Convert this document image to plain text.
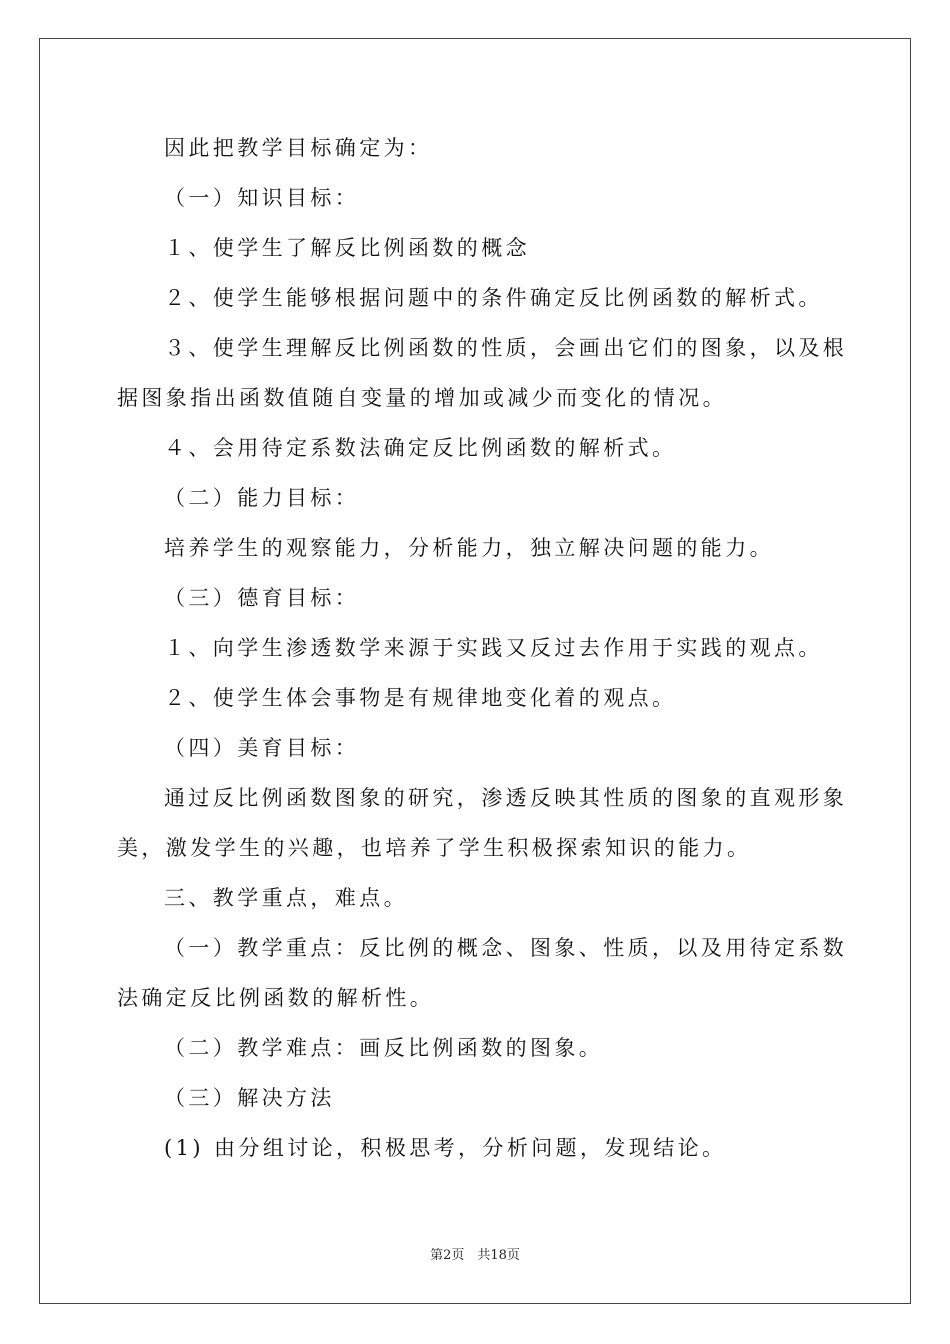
因此把教学目标确定为：
（一）知识目标：
１、使学生了解反比例函数的概念
２、使学生能够根据问题中的条件确定反比例函数的解析式。
３、使学生理解反比例函数的性质，会画出它们的图象，以及根
据图象指出函数值随自变量的增加或减少而变化的情况。
４、会用待定系数法确定反比例函数的解析式。
（二）能力目标：
培养学生的观察能力，分析能力，独立解决问题的能力。
（三）德育目标：
１、向学生渗透数学来源于实践又反过去作用于实践的观点。
２、使学生体会事物是有规律地变化着的观点。
（四）美育目标：
通过反比例函数图象的研究，渗透反映其性质的图象的直观形象
美，激发学生的兴趣，也培养了学生积极探索知识的能力。
三、教学重点，难点。
（一）教学重点：反比例的概念、图象、性质，以及用待定系数
法确定反比例函数的解析性。
（二）教学难点：画反比例函数的图象。
（三）解决方法
(1) 由分组讨论，积极思考，分析问题，发现结论。
第2页　共18页
